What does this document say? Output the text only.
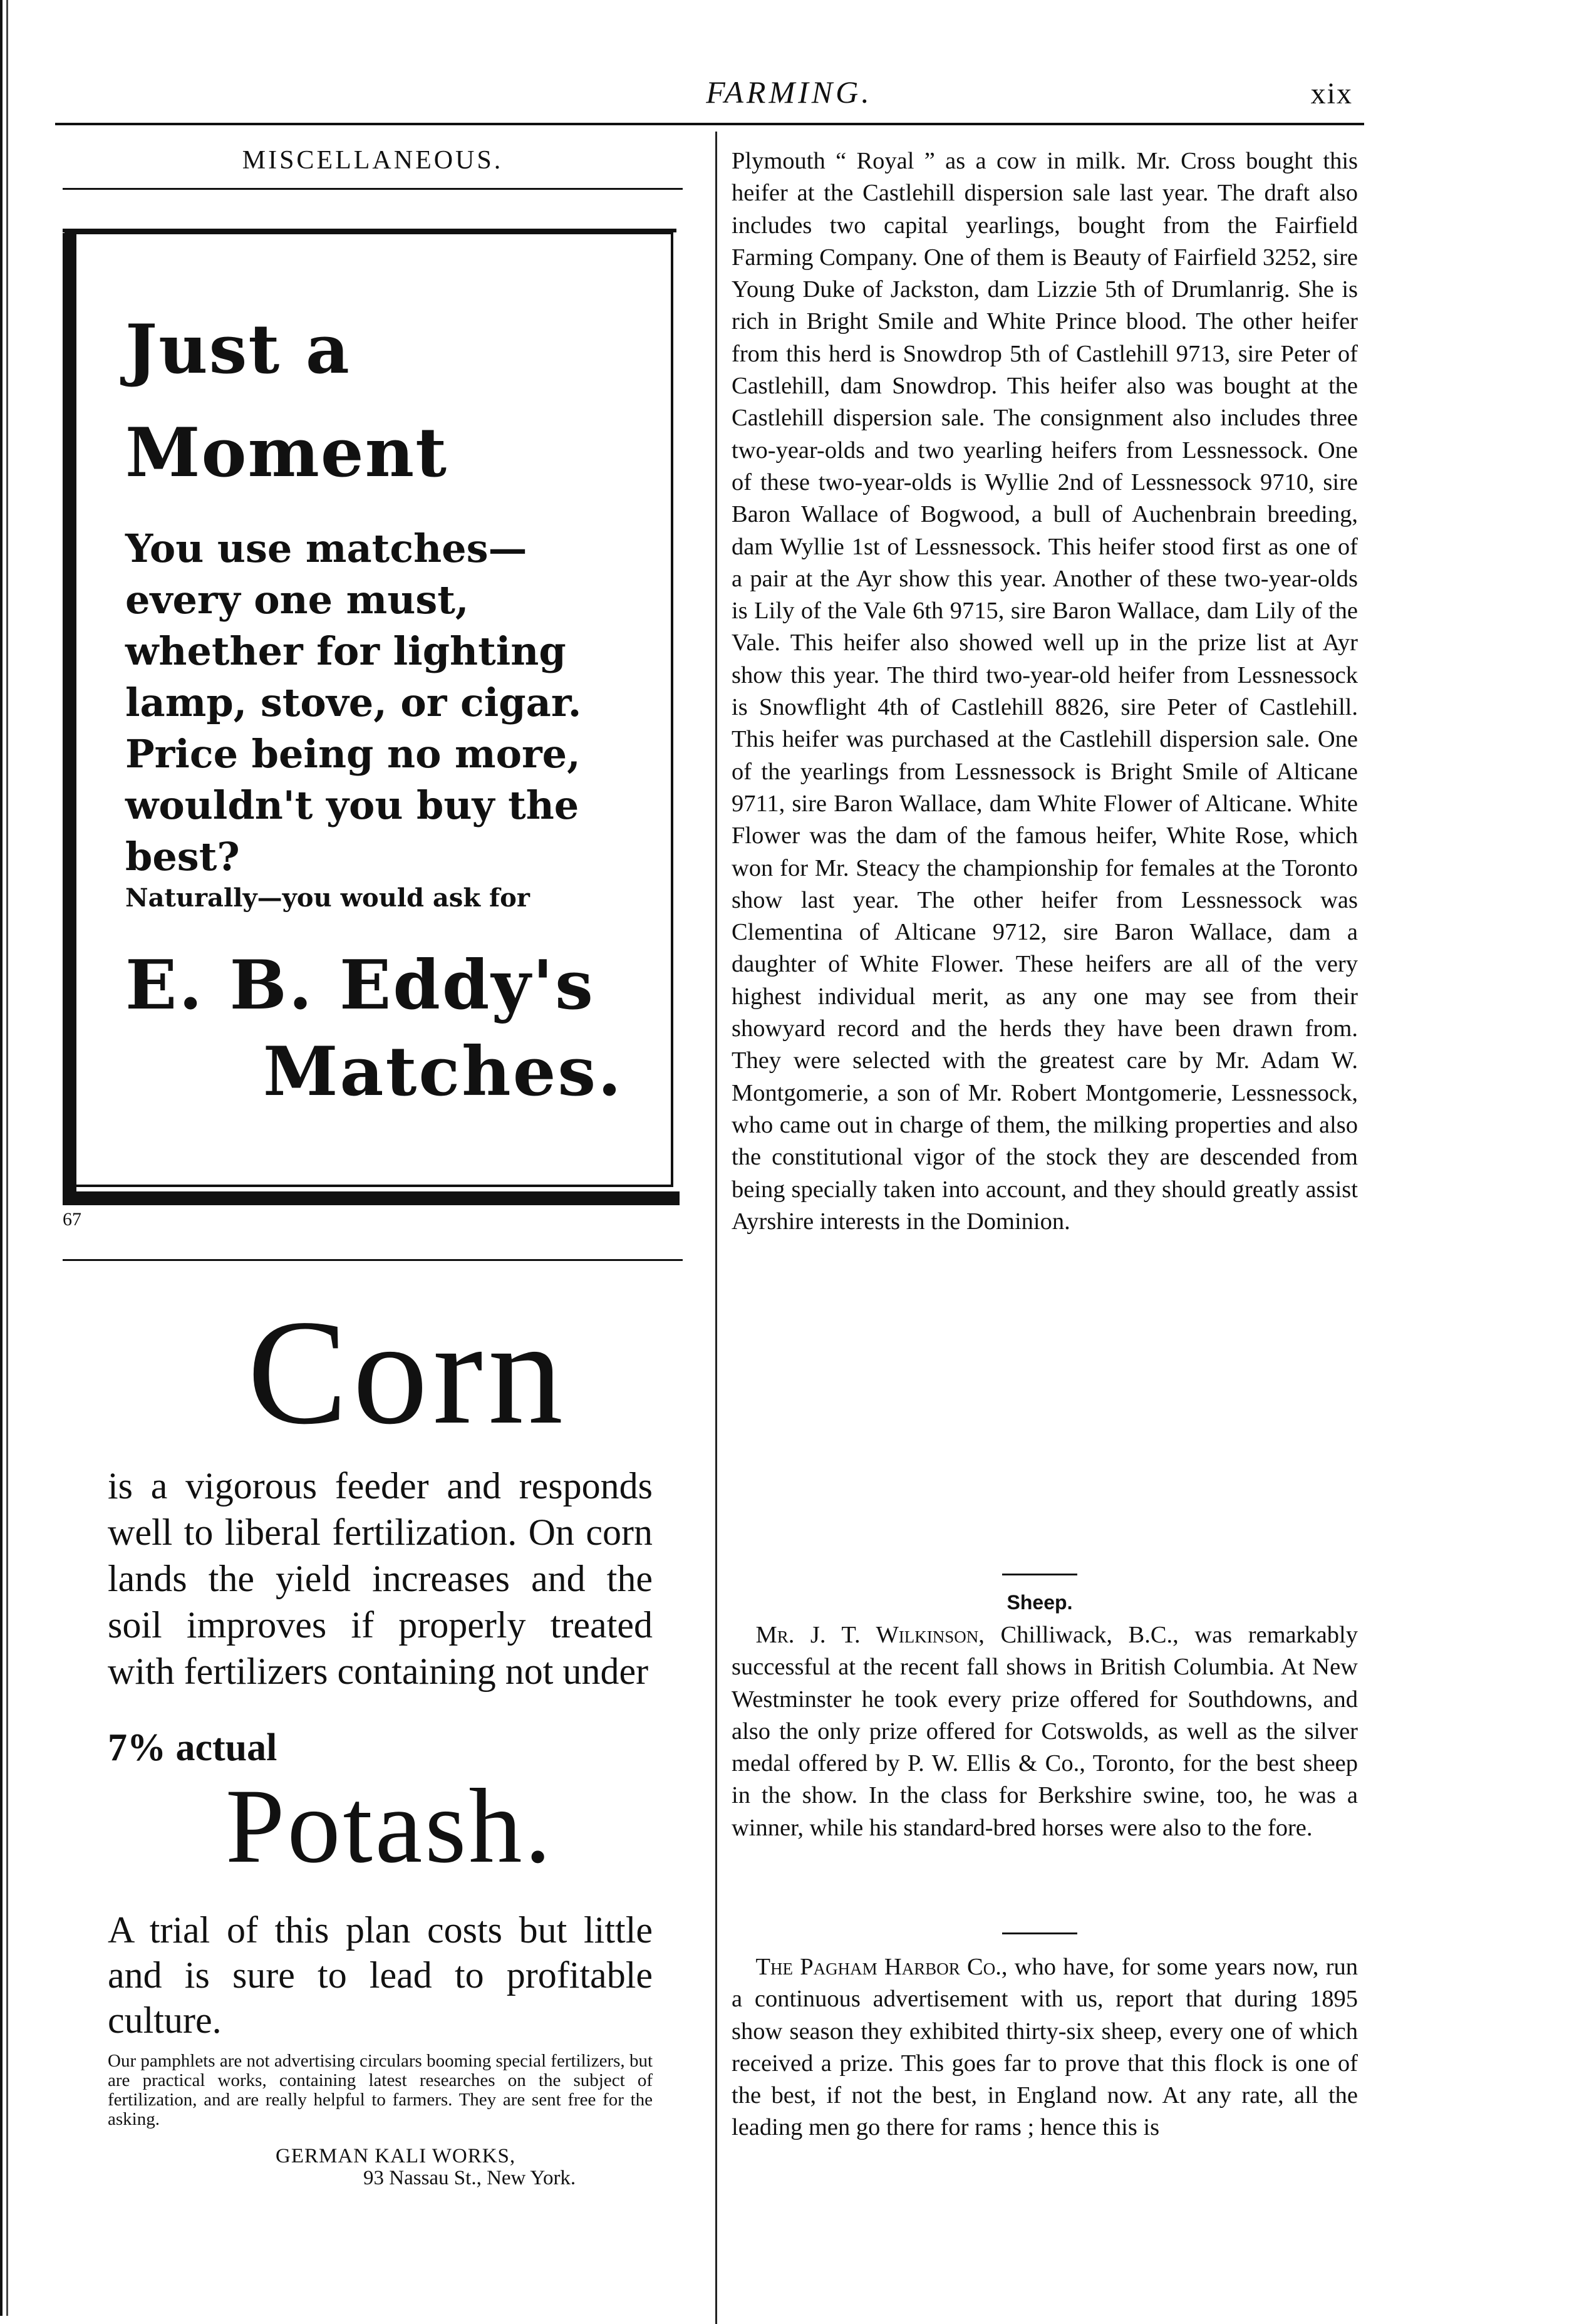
FARMING.	xix
MISCELLANEOUS.
Just a
Moment
You use matches—every one must, whether for lighting lamp, stove, or cigar. Price being no more, wouldn't you buy the best?
Naturally—you would ask for
E. B. Eddy's
Matches.
67
Corn
is a vigorous feeder and responds well to liberal fertilization. On corn lands the yield increases and the soil improves if properly treated with fertilizers containing not under
7% actual
Potash.
A trial of this plan costs but little and is sure to lead to profitable culture.
Our pamphlets are not advertising circulars booming special fertilizers, but are practical works, containing latest researches on the subject of fertilization, and are really helpful to farmers. They are sent free for the asking.
GERMAN KALI WORKS,
93 Nassau St., New York.

Plymouth “ Royal ” as a cow in milk. Mr. Cross bought this heifer at the Castlehill dispersion sale last year. The draft also includes two capital yearlings, bought from the Fairfield Farming Company. One of them is Beauty of Fairfield 3252, sire Young Duke of Jackston, dam Lizzie 5th of Drumlanrig. She is rich in Bright Smile and White Prince blood. The other heifer from this herd is Snowdrop 5th of Castlehill 9713, sire Peter of Castlehill, dam Snowdrop. This heifer also was bought at the Castlehill dispersion sale. The consignment also includes three two-year-olds and two yearling heifers from Lessnessock. One of these two-year-olds is Wyllie 2nd of Lessnessock 9710, sire Baron Wallace of Bogwood, a bull of Auchenbrain breeding, dam Wyllie 1st of Lessnessock. This heifer stood first as one of a pair at the Ayr show this year. Another of these two-year-olds is Lily of the Vale 6th 9715, sire Baron Wallace, dam Lily of the Vale. This heifer also showed well up in the prize list at Ayr show this year. The third two-year-old heifer from Lessnessock is Snowflight 4th of Castlehill 8826, sire Peter of Castlehill. This heifer was purchased at the Castlehill dispersion sale. One of the yearlings from Lessnessock is Bright Smile of Alticane 9711, sire Baron Wallace, dam White Flower of Alticane. White Flower was the dam of the famous heifer, White Rose, which won for Mr. Steacy the championship for females at the Toronto show last year. The other heifer from Lessnessock was Clementina of Alticane 9712, sire Baron Wallace, dam a daughter of White Flower. These heifers are all of the very highest individual merit, as any one may see from their showyard record and the herds they have been drawn from. They were selected with the greatest care by Mr. Adam W. Montgomerie, a son of Mr. Robert Montgomerie, Lessnessock, who came out in charge of them, the milking properties and also the constitutional vigor of the stock they are descended from being specially taken into account, and they should greatly assist Ayrshire interests in the Dominion.

Sheep.
 Mr. J. T. Wilkinson, Chilliwack, B.C., was remarkably successful at the recent fall shows in British Columbia. At New Westminster he took every prize offered for Southdowns, and also the only prize offered for Cotswolds, as well as the silver medal offered by P. W. Ellis & Co., Toronto, for the best sheep in the show. In the class for Berkshire swine, too, he was a winner, while his standard-bred horses were also to the fore.
 The Pagham Harbor Co., who have, for some years now, run a continuous advertisement with us, report that during 1895 show season they exhibited thirty-six sheep, every one of which received a prize. This goes far to prove that this flock is one of the best, if not the best, in England now. At any rate, all the leading men go there for rams ; hence this is
